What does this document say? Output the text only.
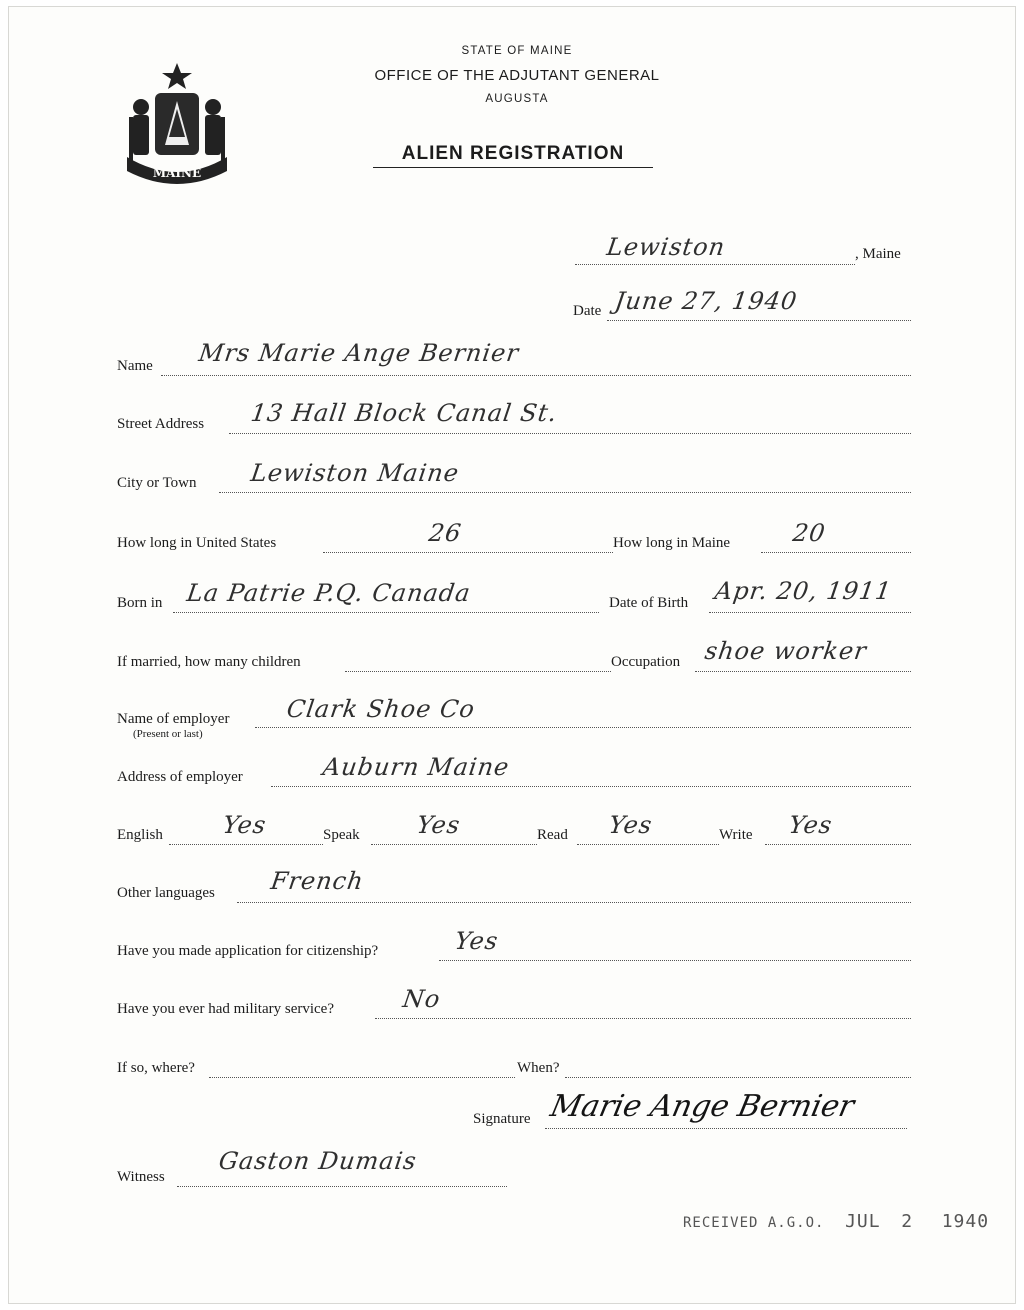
MAINE
STATE OF MAINE
OFFICE OF THE ADJUTANT GENERAL
AUGUSTA
ALIEN REGISTRATION
Lewiston	, Maine
Date June 27, 1940
Name Mrs Marie Ange Bernier
Street Address 13 Hall Block Canal St.
City or Town Lewiston Maine
How long in United States	26	How long in Maine	20
Born in La Patrie P.Q. Canada	Date of Birth Apr. 20, 1911
If married, how many children	Occupation shoe worker
Name of employer
(Present or last)
Clark Shoe Co
Address of employer	Auburn Maine
English Yes	Speak Yes	Read Yes	Write Yes
Other languages French
Have you made application for citizenship?	Yes
Have you ever had military service?	No
If so, where?	When?
Signature Marie Ange Bernier
Witness
Gaston Dumais
RECEIVED A.G.O. JUL 2 1940
